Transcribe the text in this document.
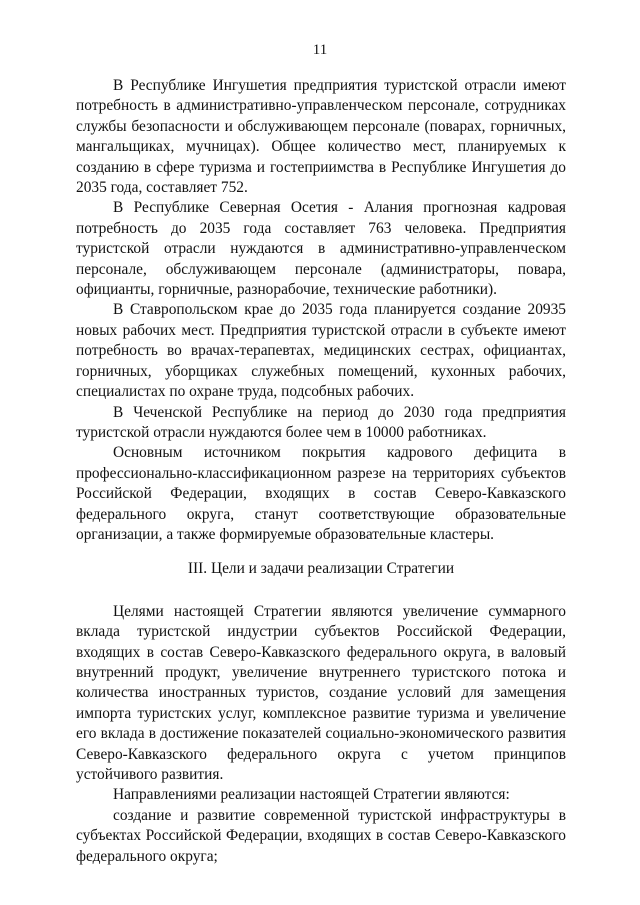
11

В Республике Ингушетия предприятия туристской отрасли имеют потребность в административно-управленческом персонале, сотрудниках службы безопасности и обслуживающем персонале (поварах, горничных, мангальщиках, мучницах). Общее количество мест, планируемых к созданию в сфере туризма и гостеприимства в Республике Ингушетия до 2035 года, составляет 752.

В Республике Северная Осетия - Алания прогнозная кадровая потребность до 2035 года составляет 763 человека. Предприятия туристской отрасли нуждаются в административно-управленческом персонале, обслуживающем персонале (администраторы, повара, официанты, горничные, разнорабочие, технические работники).

В Ставропольском крае до 2035 года планируется создание 20935 новых рабочих мест. Предприятия туристской отрасли в субъекте имеют потребность во врачах-терапевтах, медицинских сестрах, официантах, горничных, уборщиках служебных помещений, кухонных рабочих, специалистах по охране труда, подсобных рабочих.

В Чеченской Республике на период до 2030 года предприятия туристской отрасли нуждаются более чем в 10000 работниках.

Основным источником покрытия кадрового дефицита в профессионально-классификационном разрезе на территориях субъектов Российской Федерации, входящих в состав Северо-Кавказского федерального округа, станут соответствующие образовательные организации, а также формируемые образовательные кластеры.

III. Цели и задачи реализации Стратегии

Целями настоящей Стратегии являются увеличение суммарного вклада туристской индустрии субъектов Российской Федерации, входящих в состав Северо-Кавказского федерального округа, в валовый внутренний продукт, увеличение внутреннего туристского потока и количества иностранных туристов, создание условий для замещения импорта туристских услуг, комплексное развитие туризма и увеличение его вклада в достижение показателей социально-экономического развития Северо-Кавказского федерального округа с учетом принципов устойчивого развития.

Направлениями реализации настоящей Стратегии являются:

создание и развитие современной туристской инфраструктуры в субъектах Российской Федерации, входящих в состав Северо-Кавказского федерального округа;
